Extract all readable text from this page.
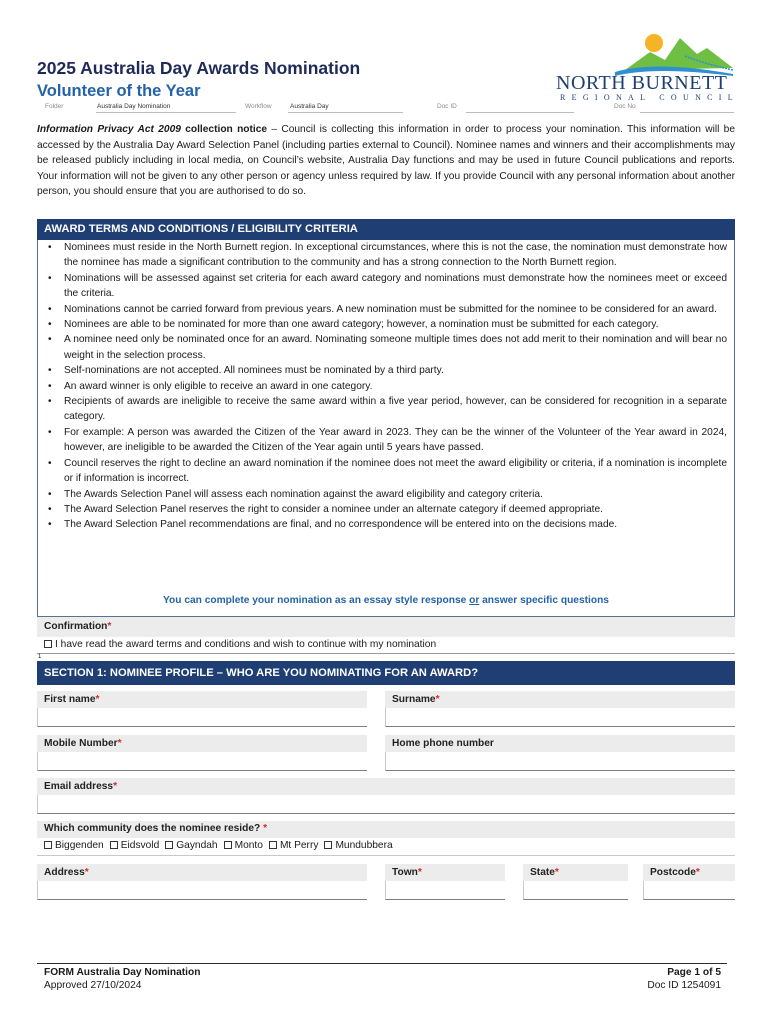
2025 Australia Day Awards Nomination
Volunteer of the Year
Folder	Australia Day Nomination	Workflow	Australia Day	Doc ID	Doc No
NORTH BURNETT
REGIONAL COUNCIL
Information Privacy Act 2009 collection notice – Council is collecting this information in order to process your nomination. This information will be accessed by the Australia Day Award Selection Panel (including parties external to Council). Nominee names and winners and their accomplishments may be released publicly including in local media, on Council’s website, Australia Day functions and may be used in future Council publications and reports. Your information will not be given to any other person or agency unless required by law. If you provide Council with any personal information about another person, you should ensure that you are authorised to do so.
AWARD TERMS AND CONDITIONS / ELIGIBILITY CRITERIA
• Nominees must reside in the North Burnett region. In exceptional circumstances, where this is not the case, the nomination must demonstrate how the nominee has made a significant contribution to the community and has a strong connection to the North Burnett region.
• Nominations will be assessed against set criteria for each award category and nominations must demonstrate how the nominees meet or exceed the criteria.
• Nominations cannot be carried forward from previous years. A new nomination must be submitted for the nominee to be considered for an award.
• Nominees are able to be nominated for more than one award category; however, a nomination must be submitted for each category.
• A nominee need only be nominated once for an award. Nominating someone multiple times does not add merit to their nomination and will bear no weight in the selection process.
• Self-nominations are not accepted. All nominees must be nominated by a third party.
• An award winner is only eligible to receive an award in one category.
• Recipients of awards are ineligible to receive the same award within a five year period, however, can be considered for recognition in a separate category.
• For example: A person was awarded the Citizen of the Year award in 2023. They can be the winner of the Volunteer of the Year award in 2024, however, are ineligible to be awarded the Citizen of the Year again until 5 years have passed.
• Council reserves the right to decline an award nomination if the nominee does not meet the award eligibility or criteria, if a nomination is incomplete or if information is incorrect.
• The Awards Selection Panel will assess each nomination against the award eligibility and category criteria.
• The Award Selection Panel reserves the right to consider a nominee under an alternate category if deemed appropriate.
• The Award Selection Panel recommendations are final, and no correspondence will be entered into on the decisions made.
You can complete your nomination as an essay style response or answer specific questions
Confirmation*
I have read the award terms and conditions and wish to continue with my nomination
1
SECTION 1: NOMINEE PROFILE – WHO ARE YOU NOMINATING FOR AN AWARD?
First name*	Surname*
Mobile Number*	Home phone number
Email address*
Which community does the nominee reside? *
Biggenden Eidsvold Gayndah Monto Mt Perry Mundubbera
Address*	Town*	State*	Postcode*
FORM Australia Day Nomination
Approved 27/10/2024
Page 1 of 5
Doc ID 1254091
